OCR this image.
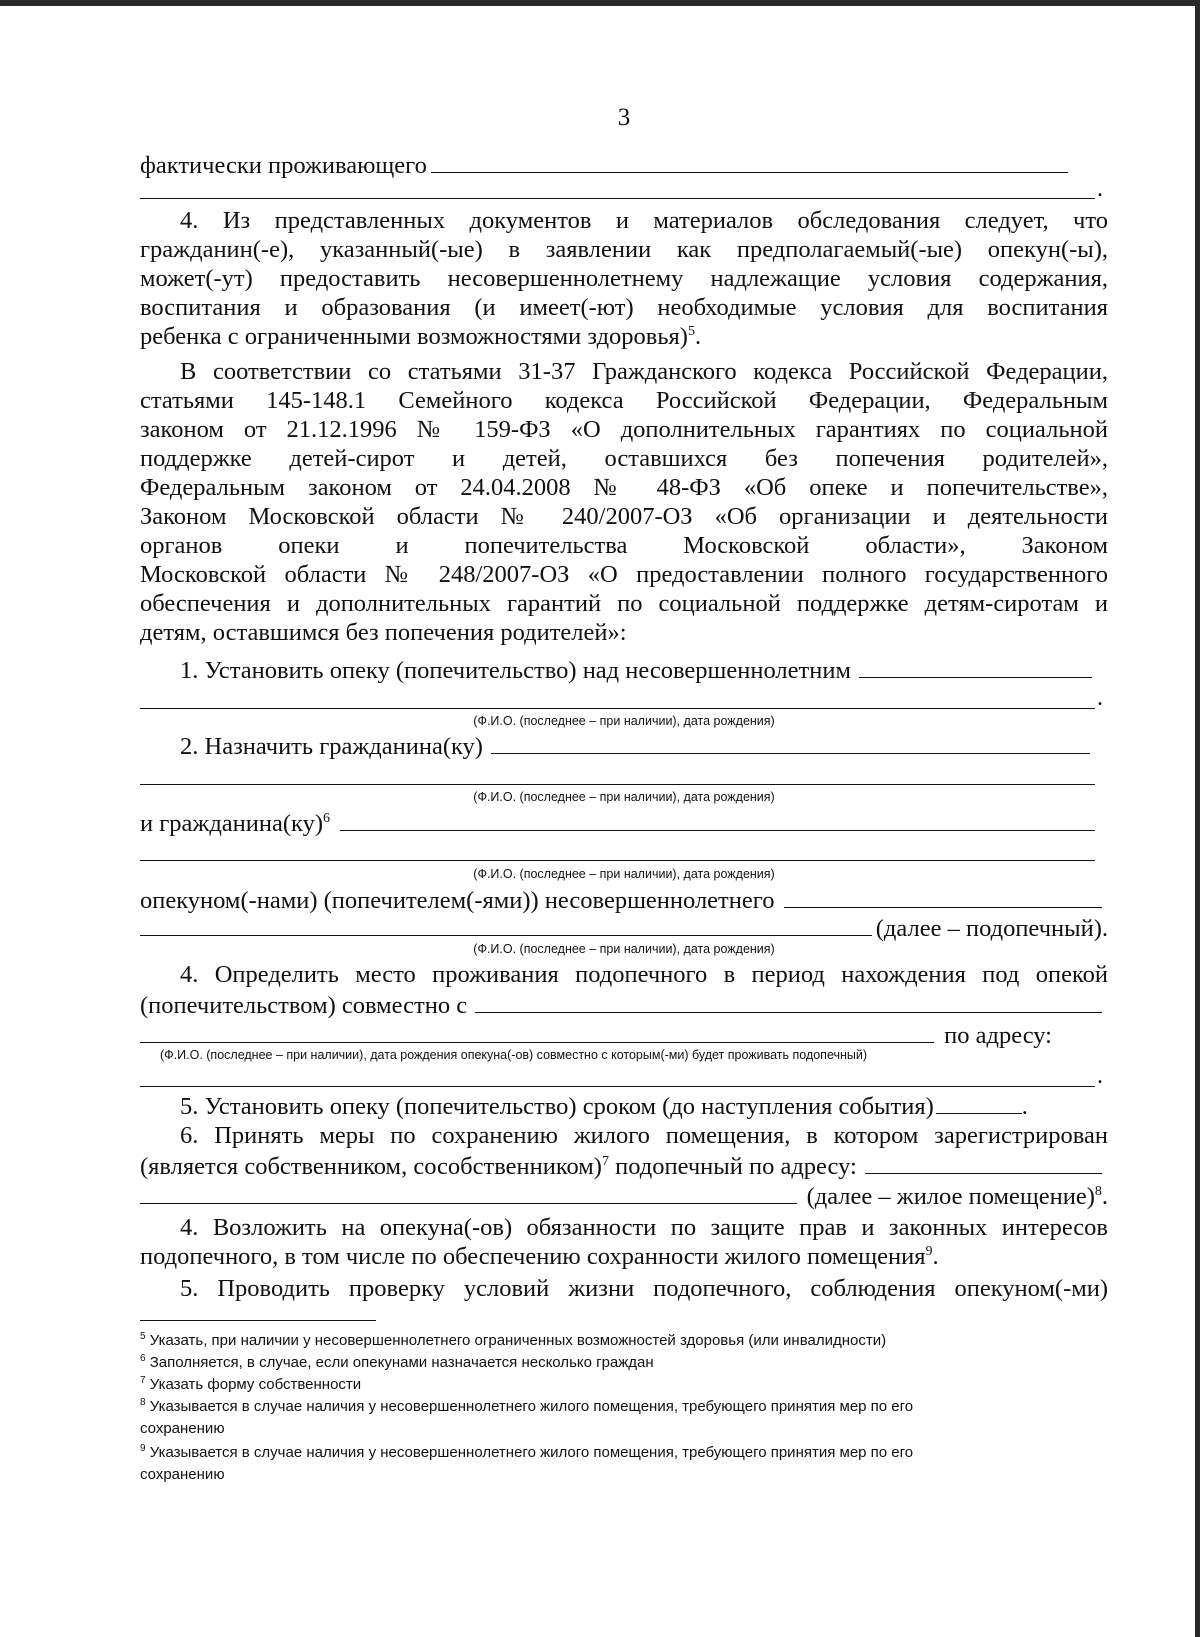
3
фактически проживающего
.
4. Из представленных документов и материалов обследования следует, что
гражданин(-е), указанный(-ые) в заявлении как предполагаемый(-ые) опекун(-ы),
может(-ут) предоставить несовершеннолетнему надлежащие условия содержания,
воспитания и образования (и имеет(-ют) необходимые условия для воспитания
ребенка с ограниченными возможностями здоровья)$^5$.
В соответствии со статьями 31-37 Гражданского кодекса Российской Федерации,
статьями 145-148.1 Семейного кодекса Российской Федерации, Федеральным
законом от 21.12.1996 № 159-ФЗ «О дополнительных гарантиях по социальной
поддержке детей-сирот и детей, оставшихся без попечения родителей»,
Федеральным законом от 24.04.2008 № 48-ФЗ «Об опеке и попечительстве»,
Законом Московской области № 240/2007-ОЗ «Об организации и деятельности
органов опеки и попечительства Московской области», Законом
Московской области № 248/2007-ОЗ «О предоставлении полного государственного
обеспечения и дополнительных гарантий по социальной поддержке детям-сиротам и
детям, оставшимся без попечения родителей»:
1. Установить опеку (попечительство) над несовершеннолетним
.
(Ф.И.О. (последнее – при наличии), дата рождения)
2. Назначить гражданина(ку)
(Ф.И.О. (последнее – при наличии), дата рождения)
и гражданина(ку)$^6$
(Ф.И.О. (последнее – при наличии), дата рождения)
опекуном(-нами) (попечителем(-ями)) несовершеннолетнего
(далее – подопечный).
(Ф.И.О. (последнее – при наличии), дата рождения)
4. Определить место проживания подопечного в период нахождения под опекой
(попечительством) совместно с
по адресу:
(Ф.И.О. (последнее – при наличии), дата рождения опекуна(-ов) совместно с которым(-ми) будет проживать подопечный)
.
5. Установить опеку (попечительство) сроком (до наступления события)	.
6. Принять меры по сохранению жилого помещения, в котором зарегистрирован
(является собственником, сособственником)$^7$ подопечный по адресу:
(далее – жилое помещение)$^8$.
4. Возложить на опекуна(-ов) обязанности по защите прав и законных интересов
подопечного, в том числе по обеспечению сохранности жилого помещения$^9$.
5. Проводить проверку условий жизни подопечного, соблюдения опекуном(-ми)
$^5$ Указать, при наличии у несовершеннолетнего ограниченных возможностей здоровья (или инвалидности)
$^6$ Заполняется, в случае, если опекунами назначается несколько граждан
$^7$ Указать форму собственности
$^8$ Указывается в случае наличия у несовершеннолетнего жилого помещения, требующего принятия мер по его
сохранению
$^9$ Указывается в случае наличия у несовершеннолетнего жилого помещения, требующего принятия мер по его
сохранению
